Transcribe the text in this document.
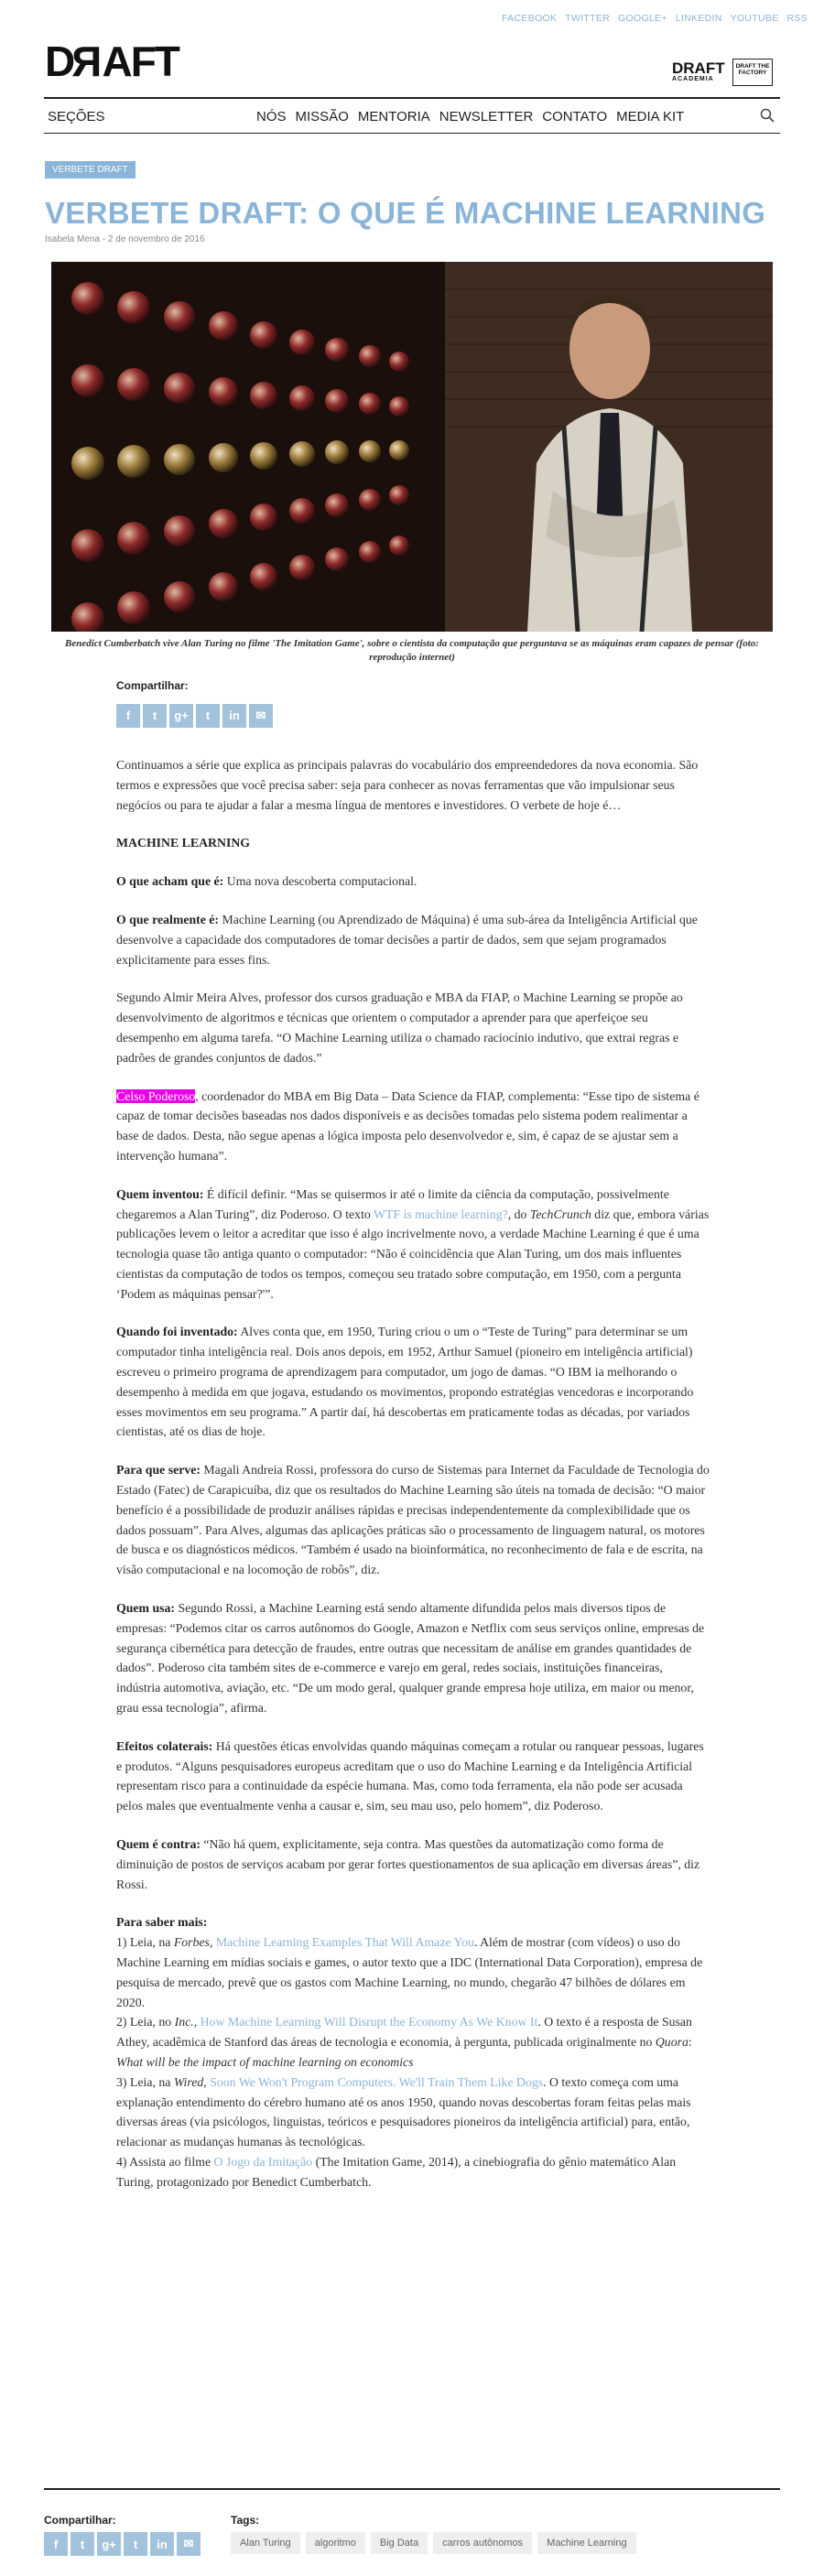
FACEBOOK TWITTER GOOGLE+ LINKEDIN YOUTUBE RSS
DRAFT	DRAFT
ACADEMIA
DRAFT THE FACTORY
SEÇÕES	NÓS MISSÃO MENTORIA NEWSLETTER CONTATO MEDIA KIT
VERBETE DRAFT
VERBETE DRAFT: O QUE É MACHINE LEARNING
Isabela Mena - 2 de novembro de 2016
Benedict Cumberbatch vive Alan Turing no filme 'The Imitation Game', sobre o cientista da computação que perguntava se as máquinas eram capazes de pensar (foto: reprodução internet)
Compartilhar:
f	t	g+	t	in	✉

Continuamos a série que explica as principais palavras do vocabulário dos empreendedores da nova economia. São termos e expressões que você precisa saber: seja para conhecer as novas ferramentas que vão impulsionar seus negócios ou para te ajudar a falar a mesma língua de mentores e investidores. O verbete de hoje é…

MACHINE LEARNING

O que acham que é: Uma nova descoberta computacional.

O que realmente é: Machine Learning (ou Aprendizado de Máquina) é uma sub-área da Inteligência Artificial que desenvolve a capacidade dos computadores de tomar decisões a partir de dados, sem que sejam programados explicitamente para esses fins.

Segundo Almir Meira Alves, professor dos cursos graduação e MBA da FIAP, o Machine Learning se propõe ao desenvolvimento de algoritmos e técnicas que orientem o computador a aprender para que aperfeiçoe seu desempenho em alguma tarefa. “O Machine Learning utiliza o chamado raciocínio indutivo, que extrai regras e padrões de grandes conjuntos de dados.”

Celso Poderoso, coordenador do MBA em Big Data – Data Science da FIAP, complementa: “Esse tipo de sistema é capaz de tomar decisões baseadas nos dados disponíveis e as decisões tomadas pelo sistema podem realimentar a base de dados. Desta, não segue apenas a lógica imposta pelo desenvolvedor e, sim, é capaz de se ajustar sem a intervenção humana”.

Quem inventou: É difícil definir. “Mas se quisermos ir até o limite da ciência da computação, possivelmente chegaremos a Alan Turing”, diz Poderoso. O texto WTF is machine learning?, do TechCrunch diz que, embora várias publicações levem o leitor a acreditar que isso é algo incrivelmente novo, a verdade Machine Learning é que é uma tecnologia quase tão antiga quanto o computador: “Não é coincidência que Alan Turing, um dos mais influentes cientistas da computação de todos os tempos, começou seu tratado sobre computação, em 1950, com a pergunta ‘Podem as máquinas pensar?'”.

Quando foi inventado: Alves conta que, em 1950, Turing criou o um o “Teste de Turing” para determinar se um computador tinha inteligência real. Dois anos depois, em 1952, Arthur Samuel (pioneiro em inteligência artificial) escreveu o primeiro programa de aprendizagem para computador, um jogo de damas. “O IBM ia melhorando o desempenho à medida em que jogava, estudando os movimentos, propondo estratégias vencedoras e incorporando esses movimentos em seu programa.” A partir daí, há descobertas em praticamente todas as décadas, por variados cientistas, até os dias de hoje.

Para que serve: Magali Andreia Rossi, professora do curso de Sistemas para Internet da Faculdade de Tecnologia do Estado (Fatec) de Carapicuíba, diz que os resultados do Machine Learning são úteis na tomada de decisão: “O maior benefício é a possibilidade de produzir análises rápidas e precisas independentemente da complexibilidade que os dados possuam”. Para Alves, algumas das aplicações práticas são o processamento de linguagem natural, os motores de busca e os diagnósticos médicos. “Também é usado na bioinformática, no reconhecimento de fala e de escrita, na visão computacional e na locomoção de robôs”, diz.

Quem usa: Segundo Rossi, a Machine Learning está sendo altamente difundida pelos mais diversos tipos de empresas: “Podemos citar os carros autônomos do Google, Amazon e Netflix com seus serviços online, empresas de segurança cibernética para detecção de fraudes, entre outras que necessitam de análise em grandes quantidades de dados”. Poderoso cita também sites de e-commerce e varejo em geral, redes sociais, instituições financeiras, indústria automotiva, aviação, etc. “De um modo geral, qualquer grande empresa hoje utiliza, em maior ou menor, grau essa tecnologia”, afirma.

Efeitos colaterais: Há questões éticas envolvidas quando máquinas começam a rotular ou ranquear pessoas, lugares e produtos. “Alguns pesquisadores europeus acreditam que o uso do Machine Learning e da Inteligência Artificial representam risco para a continuidade da espécie humana. Mas, como toda ferramenta, ela não pode ser acusada pelos males que eventualmente venha a causar e, sim, seu mau uso, pelo homem”, diz Poderoso.

Quem é contra: “Não há quem, explicitamente, seja contra. Mas questões da automatização como forma de diminuição de postos de serviços acabam por gerar fortes questionamentos de sua aplicação em diversas áreas”, diz Rossi.

Para saber mais:
1) Leia, na Forbes, Machine Learning Examples That Will Amaze You. Além de mostrar (com vídeos) o uso do Machine Learning em mídias sociais e games, o autor texto que a IDC (International Data Corporation), empresa de pesquisa de mercado, prevê que os gastos com Machine Learning, no mundo, chegarão 47 bilhões de dólares em 2020.
2) Leia, no Inc., How Machine Learning Will Disrupt the Economy As We Know It. O texto é a resposta de Susan Athey, acadêmica de Stanford das áreas de tecnologia e economia, à pergunta, publicada originalmente no Quora: What will be the impact of machine learning on economics
3) Leia, na Wired, Soon We Won't Program Computers. We'll Train Them Like Dogs. O texto começa com uma explanação entendimento do cérebro humano até os anos 1950, quando novas descobertas foram feitas pelas mais diversas áreas (via psicólogos, linguistas, teóricos e pesquisadores pioneiros da inteligência artificial) para, então, relacionar as mudanças humanas às tecnológicas.
4) Assista ao filme O Jogo da Imitação (The Imitation Game, 2014), a cinebiografia do gênio matemático Alan Turing, protagonizado por Benedict Cumberbatch.

Compartilhar:
f	t	g+	t	in	✉
Tags:
Alan Turing	algoritmo	Big Data	carros autônomos	Machine Learning
